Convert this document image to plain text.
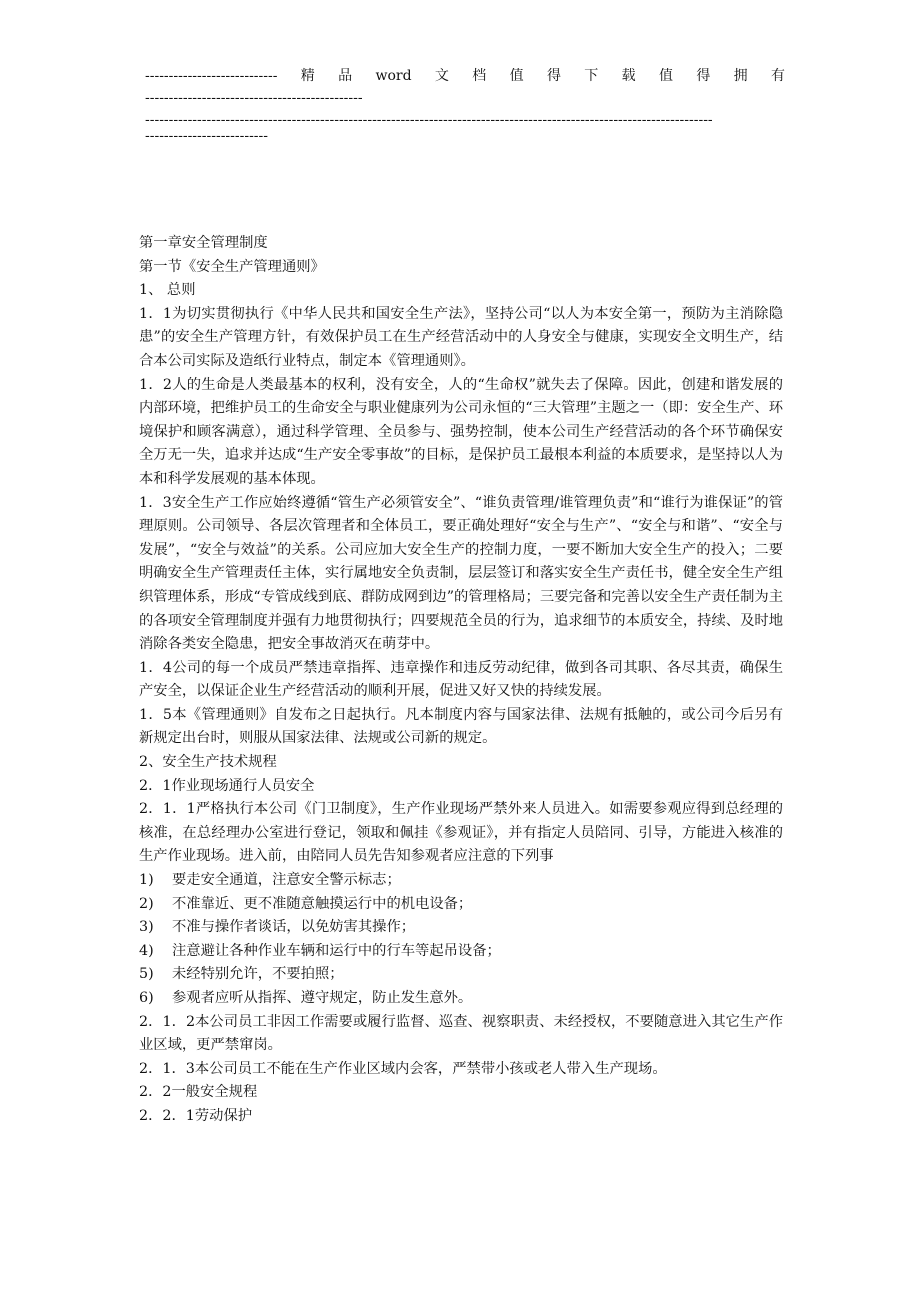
---------------------------- 精 品 word 文 档 值 得 下 载 值 得 拥 有
----------------------------------------------
------------------------------------------------------------------------------------------------------------------------
--------------------------

第一章安全管理制度

第一节《安全生产管理通则》

1、 总则

1．1为切实贯彻执行《中华人民共和国安全生产法》，坚持公司“以人为本安全第一，预防为主消除隐患”的安全生产管理方针，有效保护员工在生产经营活动中的人身安全与健康，实现安全文明生产，结合本公司实际及造纸行业特点，制定本《管理通则》。

1．2人的生命是人类最基本的权利，没有安全，人的“生命权”就失去了保障。因此，创建和谐发展的内部环境，把维护员工的生命安全与职业健康列为公司永恒的“三大管理”主题之一（即：安全生产、环境保护和顾客满意），通过科学管理、全员参与、强势控制，使本公司生产经营活动的各个环节确保安全万无一失，追求并达成“生产安全零事故”的目标，是保护员工最根本利益的本质要求，是坚持以人为本和科学发展观的基本体现。

1．3安全生产工作应始终遵循“管生产必须管安全”、“谁负责管理/谁管理负责”和“谁行为谁保证”的管理原则。公司领导、各层次管理者和全体员工，要正确处理好“安全与生产”、“安全与和谐”、“安全与发展”，“安全与效益”的关系。公司应加大安全生产的控制力度，一要不断加大安全生产的投入；二要明确安全生产管理责任主体，实行属地安全负责制，层层签订和落实安全生产责任书，健全安全生产组织管理体系，形成“专管成线到底、群防成网到边”的管理格局；三要完备和完善以安全生产责任制为主的各项安全管理制度并强有力地贯彻执行；四要规范全员的行为，追求细节的本质安全，持续、及时地消除各类安全隐患，把安全事故消灭在萌芽中。

1．4公司的每一个成员严禁违章指挥、违章操作和违反劳动纪律，做到各司其职、各尽其责，确保生产安全，以保证企业生产经营活动的顺利开展，促进又好又快的持续发展。

1．5本《管理通则》自发布之日起执行。凡本制度内容与国家法律、法规有抵触的，或公司今后另有新规定出台时，则服从国家法律、法规或公司新的规定。

2、安全生产技术规程

2．1作业现场通行人员安全

2．1．1严格执行本公司《门卫制度》，生产作业现场严禁外来人员进入。如需要参观应得到总经理的核准，在总经理办公室进行登记，领取和佩挂《参观证》，并有指定人员陪同、引导，方能进入核准的生产作业现场。进入前，由陪同人员先告知参观者应注意的下列事

1)	要走安全通道，注意安全警示标志；
2)	不准靠近、更不准随意触摸运行中的机电设备；
3)	不准与操作者谈话，以免妨害其操作；
4)	注意避让各种作业车辆和运行中的行车等起吊设备；
5)	未经特别允许，不要拍照；
6)	参观者应听从指挥、遵守规定，防止发生意外。

2．1．2本公司员工非因工作需要或履行监督、巡查、视察职责、未经授权，不要随意进入其它生产作业区域，更严禁窜岗。

2．1．3本公司员工不能在生产作业区域内会客，严禁带小孩或老人带入生产现场。

2．2一般安全规程

2．2．1劳动保护
